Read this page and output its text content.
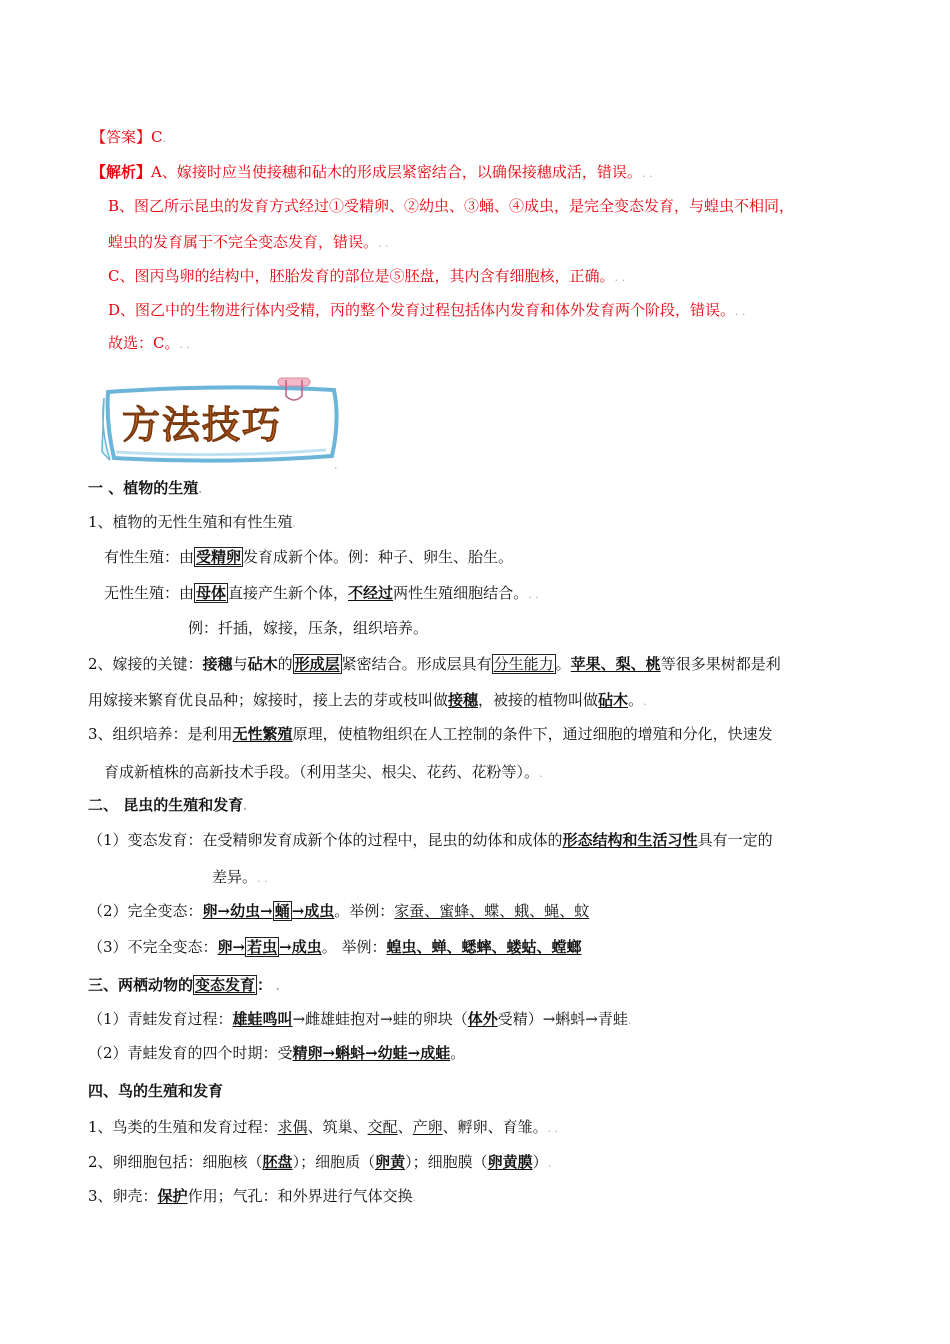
【答案】C.
【解析】A、嫁接时应当使接穗和砧木的形成层紧密结合，以确保接穗成活，错误。. .
B、图乙所示昆虫的发育方式经过①受精卵、②幼虫、③蛹、④成虫，是完全变态发育，与蝗虫不相同，
蝗虫的发育属于不完全变态发育，错误。. .
C、图丙鸟卵的结构中，胚胎发育的部位是⑤胚盘，其内含有细胞核，正确。. .
D、图乙中的生物进行体内受精，丙的整个发育过程包括体内发育和体外发育两个阶段，错误。. .
故选：C。. .
方法技巧
.
一 、植物的生殖.
1、植物的无性生殖和有性生殖.
有性生殖：由 受精卵 发育成新个体。例：种子、卵生、胎生。
无性生殖：由 母体 直接产生新个体，不经过两性生殖细胞结合。. .
例：扦插，嫁接，压条，组织培养。
2、嫁接的关键：接穗与砧木的 形成层 紧密结合。形成层具有 分生能力 。苹果、梨、桃等很多果树都是利
用嫁接来繁育优良品种；嫁接时，接上去的芽或枝叫做接穗，被接的植物叫做砧木。.
3、组织培养：是利用无性繁殖原理，使植物组织在人工控制的条件下，通过细胞的增殖和分化，快速发
育成新植株的高新技术手段。（利用茎尖、根尖、花药、花粉等）。.
二、 昆虫的生殖和发育.
（1）变态发育：在受精卵发育成新个体的过程中，昆虫的幼体和成体的形态结构和生活习性具有一定的
差异。. .
（2）完全变态：卵→幼虫→ 蛹 →成虫。举例：家蚕、蜜蜂、蝶、蛾、蝇、蚊
（3）不完全变态：卵→ 若虫 →成虫。 举例：蝗虫、蝉、蟋蟀、蝼蛄、螳螂
三、两栖动物的 变态发育 ： .
（1）青蛙发育过程：雄蛙鸣叫→雌雄蛙抱对→蛙的卵块（体外受精）→蝌蚪→青蛙.
（2）青蛙发育的四个时期：受精卵→蝌蚪→幼蛙→成蛙。
四、鸟的生殖和发育
1、鸟类的生殖和发育过程：求偶、筑巢、交配、产卵、孵卵、育雏。. .
2、卵细胞包括：细胞核（胚盘）；细胞质（卵黄）；细胞膜（卵黄膜）.
3、卵壳：保护作用；气孔：和外界进行气体交换.
